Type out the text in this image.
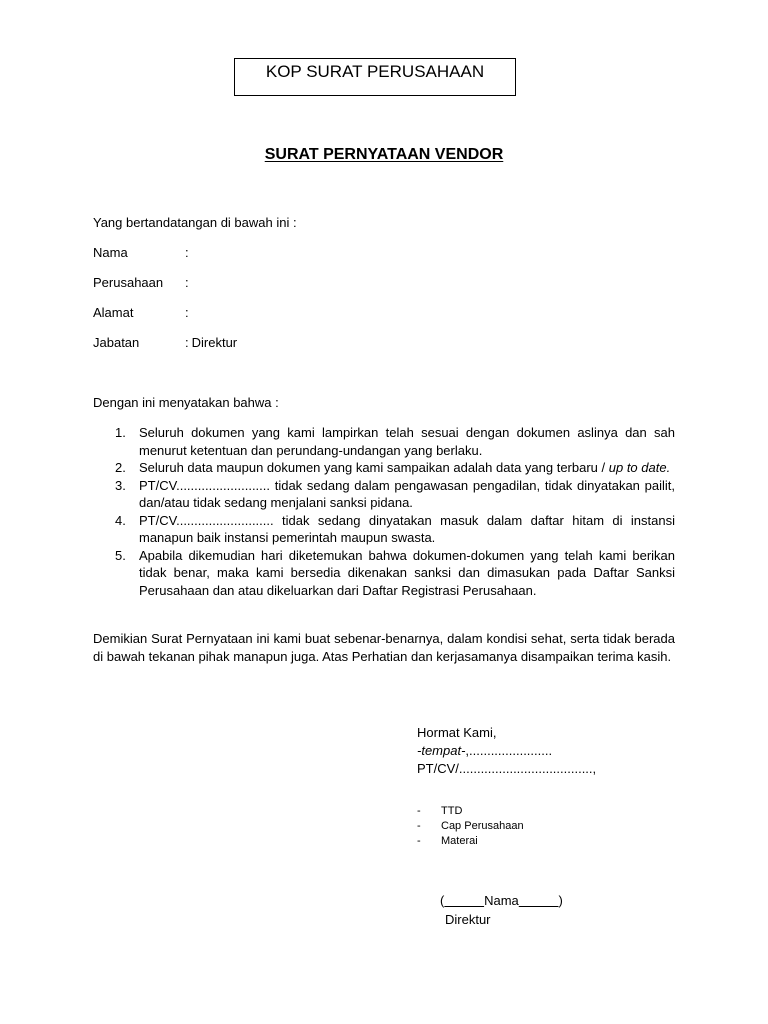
KOP SURAT PERUSAHAAN
SURAT PERNYATAAN VENDOR

Yang bertandatangan di bawah ini :

Nama	:
Perusahaan :
Alamat	:
Jabatan	: Direktur

Dengan ini menyatakan bahwa :

1. Seluruh dokumen yang kami lampirkan telah sesuai dengan dokumen aslinya dan sah menurut ketentuan dan perundang-undangan yang berlaku.
2. Seluruh data maupun dokumen yang kami sampaikan adalah data yang terbaru / up to date.
3. PT/CV.......................... tidak sedang dalam pengawasan pengadilan, tidak dinyatakan pailit, dan/atau tidak sedang menjalani sanksi pidana.
4. PT/CV........................... tidak sedang dinyatakan masuk dalam daftar hitam di instansi manapun baik instansi pemerintah maupun swasta.
5. Apabila dikemudian hari diketemukan bahwa dokumen-dokumen yang telah kami berikan tidak benar, maka kami bersedia dikenakan sanksi dan dimasukan pada Daftar Sanksi Perusahaan dan atau dikeluarkan dari Daftar Registrasi Perusahaan.

Demikian Surat Pernyataan ini kami buat sebenar-benarnya, dalam kondisi sehat, serta tidak berada di bawah tekanan pihak manapun juga. Atas Perhatian dan kerjasamanya disampaikan terima kasih.

Hormat Kami,
-tempat-,.......................
PT/CV/.....................................,
- TTD
- Cap Perusahaan
- Materai
(	Nama	)
Direktur
